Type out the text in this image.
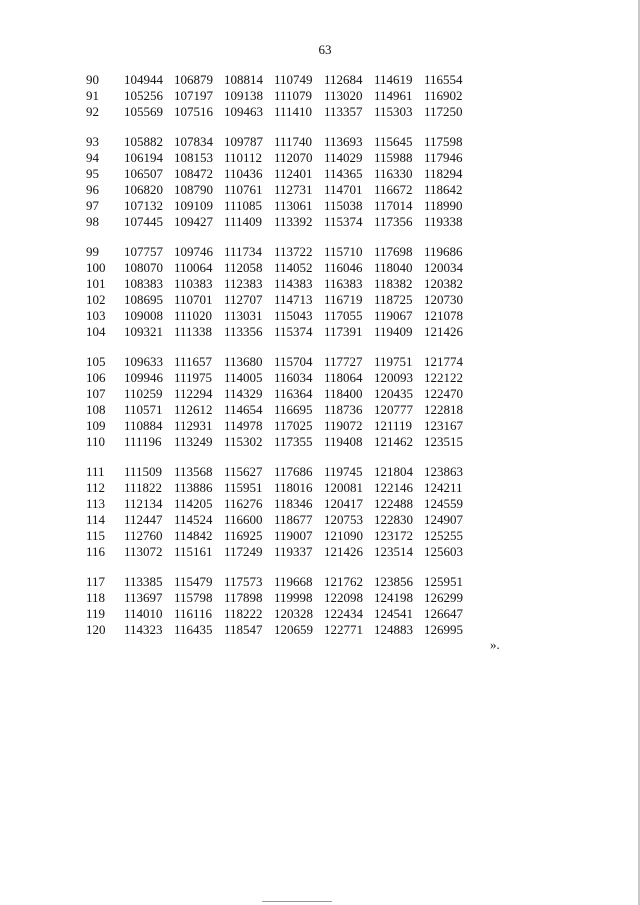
63
90 104944 106879 108814 110749 112684 114619 116554
91 105256 107197 109138 111079 113020 114961 116902
92 105569 107516 109463 111410 113357 115303 117250
93 105882 107834 109787 111740 113693 115645 117598
94 106194 108153 110112 112070 114029 115988 117946
95 106507 108472 110436 112401 114365 116330 118294
96 106820 108790 110761 112731 114701 116672 118642
97 107132 109109 111085 113061 115038 117014 118990
98 107445 109427 111409 113392 115374 117356 119338
99 107757 109746 111734 113722 115710 117698 119686
100 108070 110064 112058 114052 116046 118040 120034
101 108383 110383 112383 114383 116383 118382 120382
102 108695 110701 112707 114713 116719 118725 120730
103 109008 111020 113031 115043 117055 119067 121078
104 109321 111338 113356 115374 117391 119409 121426
105 109633 111657 113680 115704 117727 119751 121774
106 109946 111975 114005 116034 118064 120093 122122
107 110259 112294 114329 116364 118400 120435 122470
108 110571 112612 114654 116695 118736 120777 122818
109 110884 112931 114978 117025 119072 121119 123167
110 111196 113249 115302 117355 119408 121462 123515
111 111509 113568 115627 117686 119745 121804 123863
112 111822 113886 115951 118016 120081 122146 124211
113 112134 114205 116276 118346 120417 122488 124559
114 112447 114524 116600 118677 120753 122830 124907
115 112760 114842 116925 119007 121090 123172 125255
116 113072 115161 117249 119337 121426 123514 125603
117 113385 115479 117573 119668 121762 123856 125951
118 113697 115798 117898 119998 122098 124198 126299
119 114010 116116 118222 120328 122434 124541 126647
120 114323 116435 118547 120659 122771 124883 126995
».
